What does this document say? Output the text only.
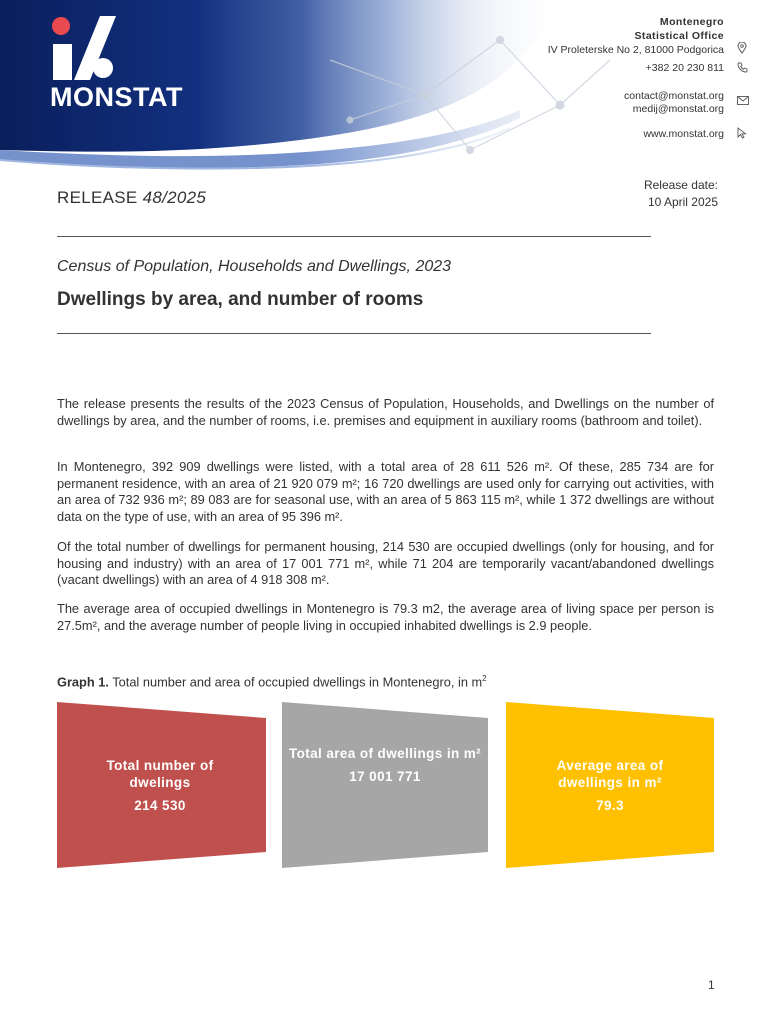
MONSTAT
Montenegro
Statistical Office
IV Proleterske No 2, 81000 Podgorica
+382 20 230 811
contact@monstat.org
medij@monstat.org
www.monstat.org
RELEASE 48/2025
Release date:
10 April 2025
Census of Population, Households and Dwellings, 2023
Dwellings by area, and number of rooms

The release presents the results of the 2023 Census of Population, Households, and Dwellings on the number of dwellings by area, and the number of rooms, i.e. premises and equipment in auxiliary rooms (bathroom and toilet).

In Montenegro, 392 909 dwellings were listed, with a total area of 28 611 526 m². Of these, 285 734 are for permanent residence, with an area of 21 920 079 m²; 16 720 dwellings are used only for carrying out activities, with an area of 732 936 m²; 89 083 are for seasonal use, with an area of 5 863 115 m², while 1 372 dwellings are without data on the type of use, with an area of 95 396 m².

Of the total number of dwellings for permanent housing, 214 530 are occupied dwellings (only for housing, and for housing and industry) with an area of 17 001 771 m², while 71 204 are temporarily vacant/abandoned dwellings (vacant dwellings) with an area of 4 918 308 m².

The average area of occupied dwellings in Montenegro is 79.3 m2, the average area of living space per person is 27.5m², and the average number of people living in occupied inhabited dwellings is 2.9 people.

Graph 1. Total number and area of occupied dwellings in Montenegro, in $m^2$
Total number of dwelings
214 530
Total area of dwellings in m²
17 001 771
Average area of dwellings in m²
79.3
1
